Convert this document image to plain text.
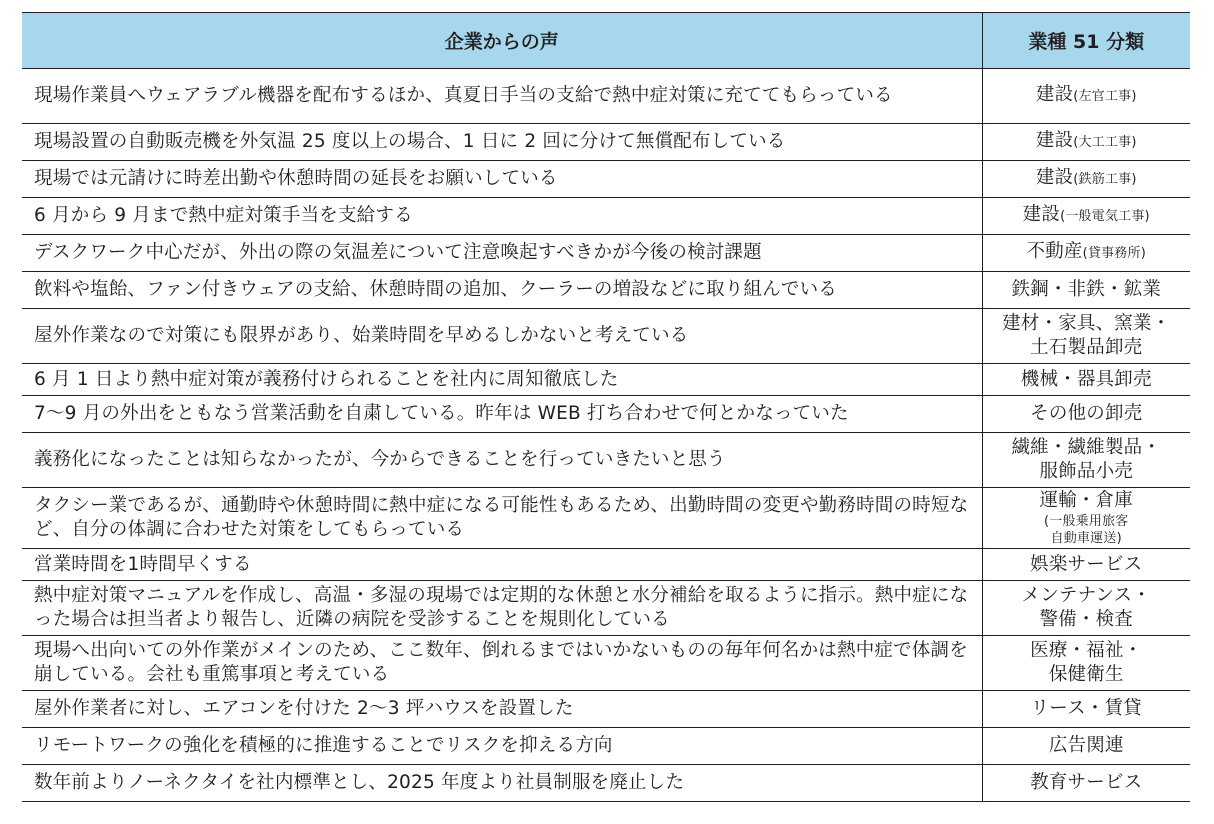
企業からの声	業種 51 分類
現場作業員へウェアラブル機器を配布するほか、真夏日手当の支給で熱中症対策に充ててもらっている	建設(左官工事)
現場設置の自動販売機を外気温 25 度以上の場合、1 日に 2 回に分けて無償配布している	建設(大工工事)
現場では元請けに時差出勤や休憩時間の延長をお願いしている	建設(鉄筋工事)
6 月から 9 月まで熱中症対策手当を支給する	建設(一般電気工事)
デスクワーク中心だが、外出の際の気温差について注意喚起すべきかが今後の検討課題	不動産(貸事務所)
飲料や塩飴、ファン付きウェアの支給、休憩時間の追加、クーラーの増設などに取り組んでいる	鉄鋼・非鉄・鉱業
屋外作業なので対策にも限界があり、始業時間を早めるしかないと考えている	建材・家具、窯業・
土石製品卸売
6 月 1 日より熱中症対策が義務付けられることを社内に周知徹底した	機械・器具卸売
7～9 月の外出をともなう営業活動を自粛している。昨年は WEB 打ち合わせで何とかなっていた	その他の卸売
義務化になったことは知らなかったが、今からできることを行っていきたいと思う	繊維・繊維製品・
服飾品小売
タクシー業であるが、通勤時や休憩時間に熱中症になる可能性もあるため、出勤時間の変更や勤務時間の時短など、自分の体調に合わせた対策をしてもらっている	運輸・倉庫
(一般乗用旅客
自動車運送)

営業時間を1時間早くする	娯楽サービス
熱中症対策マニュアルを作成し、高温・多湿の現場では定期的な休憩と水分補給を取るように指示。熱中症になった場合は担当者より報告し、近隣の病院を受診することを規則化している	メンテナンス・
警備・検査
現場へ出向いての外作業がメインのため、ここ数年、倒れるまではいかないものの毎年何名かは熱中症で体調を崩している。会社も重篤事項と考えている	医療・福祉・
保健衛生
屋外作業者に対し、エアコンを付けた 2～3 坪ハウスを設置した	リース・賃貸
リモートワークの強化を積極的に推進することでリスクを抑える方向	広告関連
数年前よりノーネクタイを社内標準とし、2025 年度より社員制服を廃止した	教育サービス
